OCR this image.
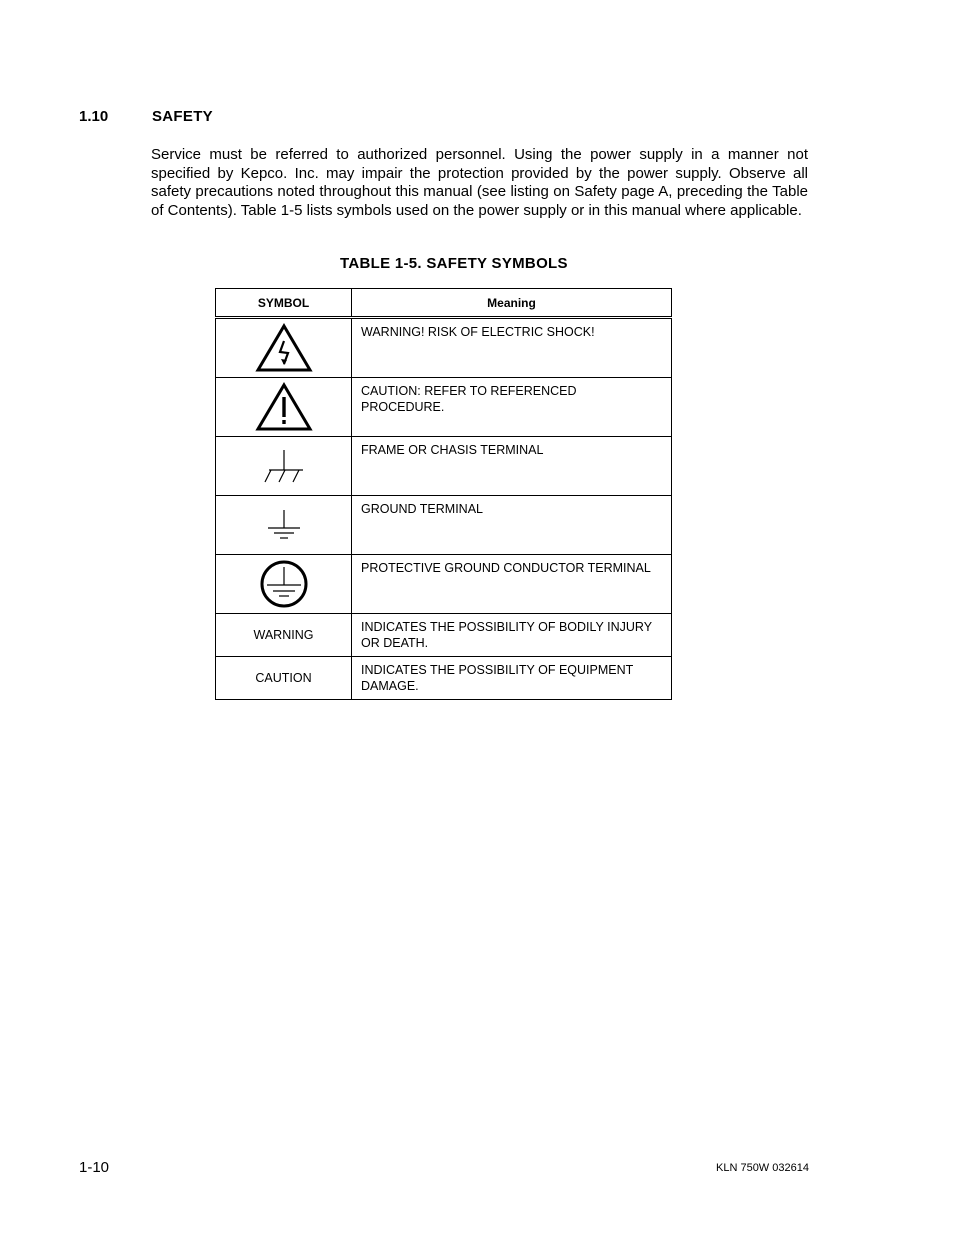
1.10	SAFETY

Service must be referred to authorized personnel. Using the power supply in a manner not specified by Kepco. Inc. may impair the protection provided by the power supply. Observe all safety precautions noted throughout this manual (see listing on Safety page A, preceding the Table of Contents). Table 1-5 lists symbols used on the power supply or in this manual where applicable.

TABLE 1-5. SAFETY SYMBOLS
SYMBOL	Meaning

WARNING! RISK OF ELECTRIC SHOCK!

CAUTION: REFER TO REFERENCED PROCEDURE.

FRAME OR CHASIS TERMINAL

GROUND TERMINAL

PROTECTIVE GROUND CONDUCTOR TERMINAL

WARNING	INDICATES THE POSSIBILITY OF BODILY INJURY OR DEATH.

CAUTION	INDICATES THE POSSIBILITY OF EQUIPMENT DAMAGE.
1-10	KLN 750W 032614
